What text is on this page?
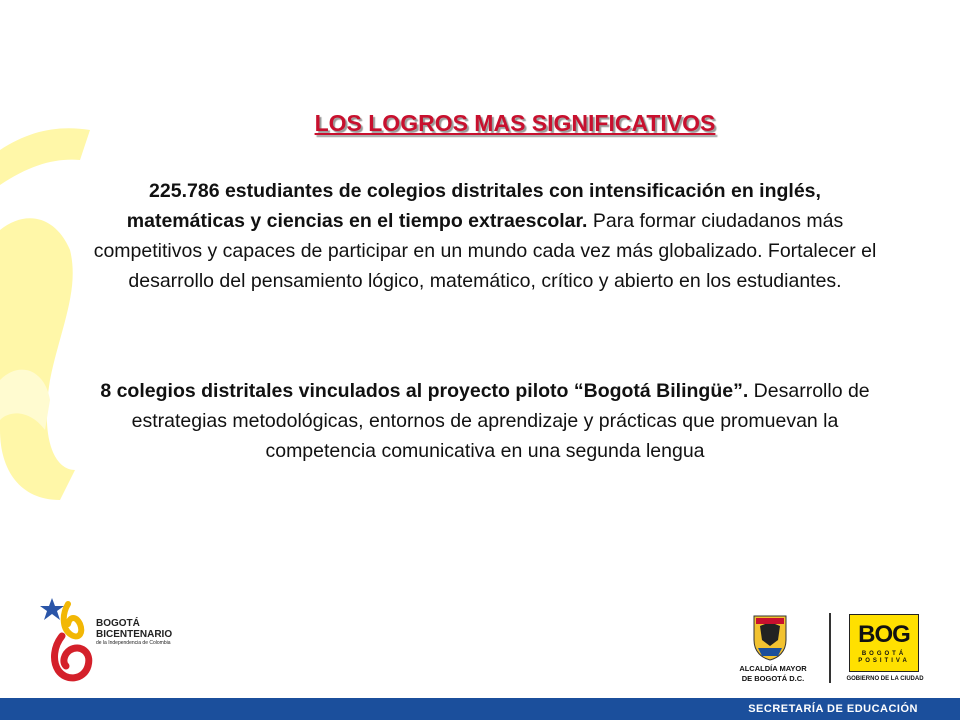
LOS LOGROS MAS SIGNIFICATIVOS
225.786 estudiantes de colegios distritales con intensificación en inglés, matemáticas y ciencias en el tiempo extraescolar. Para formar ciudadanos más competitivos y capaces de participar en un mundo cada vez más globalizado. Fortalecer el desarrollo del pensamiento lógico, matemático, crítico y abierto en los estudiantes.
8 colegios distritales vinculados al proyecto piloto “Bogotá Bilingüe”. Desarrollo de estrategias metodológicas, entornos de aprendizaje y prácticas que promuevan la competencia comunicativa en una segunda lengua
BOGOTÁ
BICENTENARIO
de la Independencia de Colombia
ALCALDÍA MAYOR
DE BOGOTÁ D.C.
BOG
BOGOTÁ
POSITIVA
GOBIERNO DE LA CIUDAD
SECRETARÍA DE EDUCACIÓN
